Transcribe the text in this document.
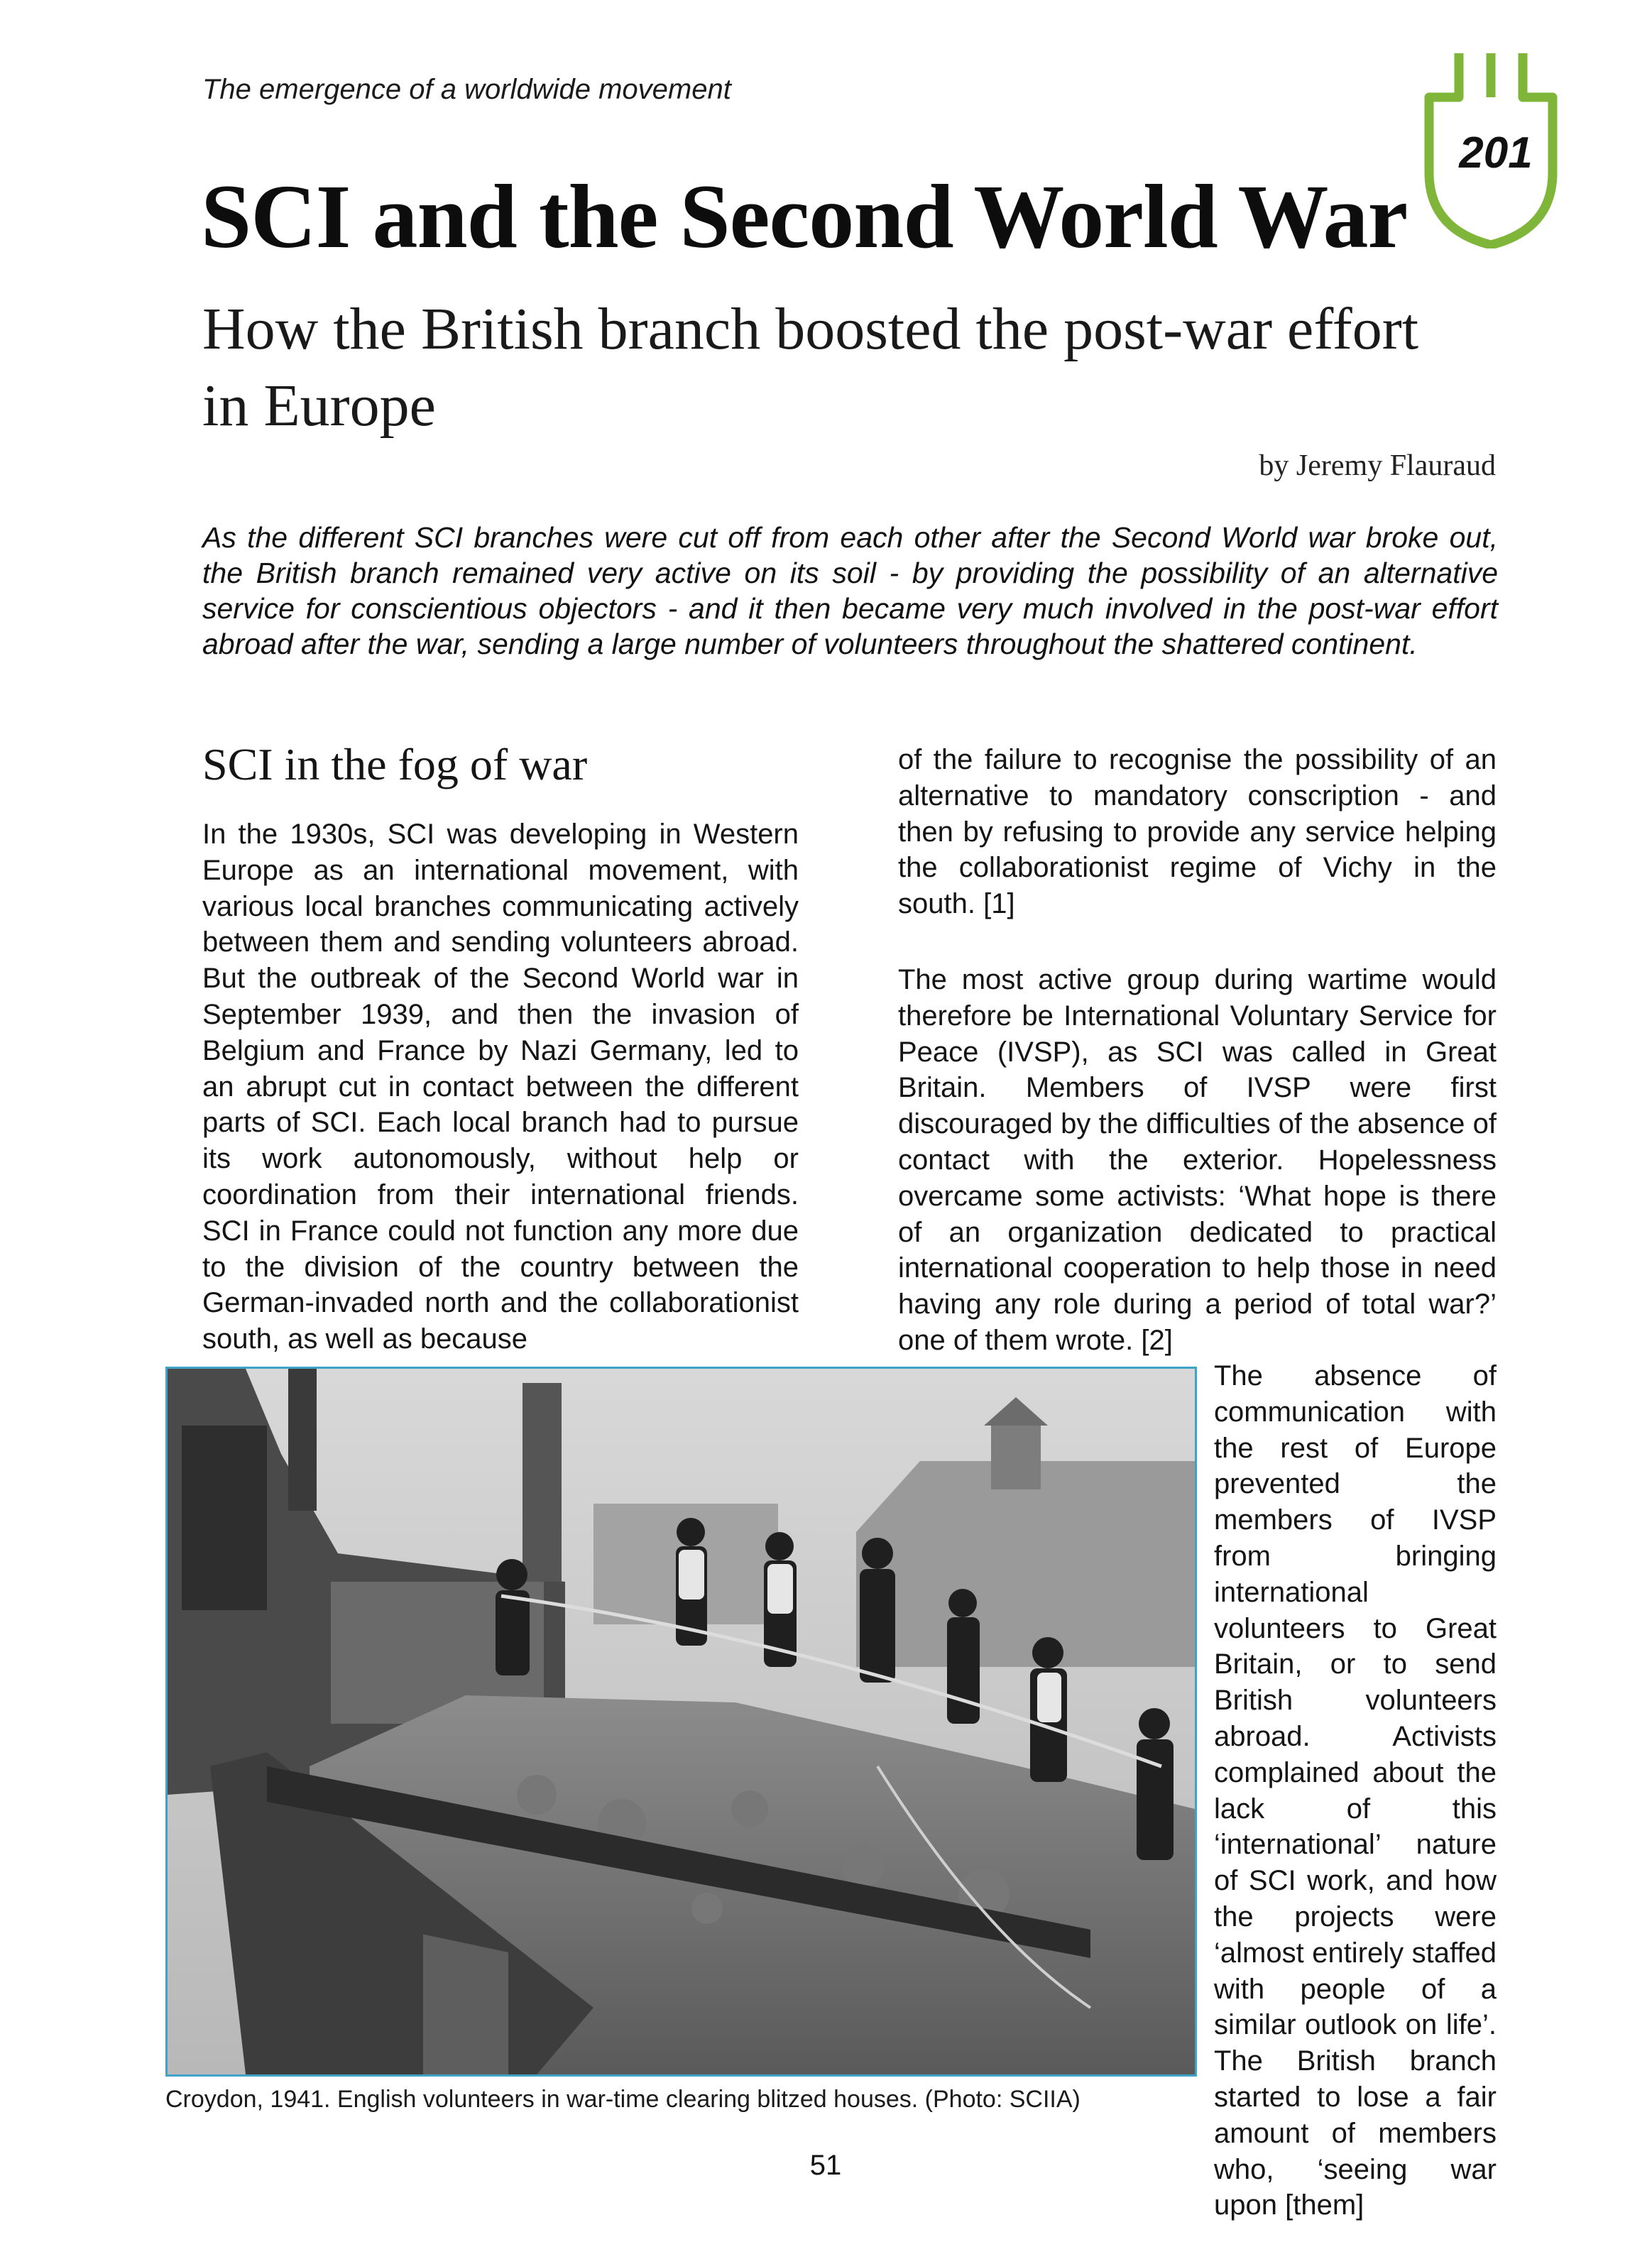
The emergence of a worldwide movement
201
SCI and the Second World War
How the British branch boosted the post-war effort in Europe
by Jeremy Flauraud
As the different SCI branches were cut off from each other after the Second World war broke out, the British branch remained very active on its soil - by providing the possibility of an alternative service for conscientious objectors - and it then became very much involved in the post-war effort abroad after the war, sending a large number of volunteers throughout the shattered continent.
SCI in the fog of war
In the 1930s, SCI was developing in Western Europe as an international movement, with various local branches communicating actively between them and sending volunteers abroad. But the outbreak of the Second World war in September 1939, and then the invasion of Belgium and France by Nazi Germany, led to an abrupt cut in contact between the different parts of SCI. Each local branch had to pursue its work autonomously, without help or coordination from their international friends. SCI in France could not function any more due to the division of the country between the German-invaded north and the collaborationist south, as well as because
of the failure to recognise the possibility of an alternative to mandatory conscription - and then by refusing to provide any service helping the collaborationist regime of Vichy in the south. [1]
The most active group during wartime would therefore be International Voluntary Service for Peace (IVSP), as SCI was called in Great Britain. Members of IVSP were first discouraged by the difficulties of the absence of contact with the exterior. Hopelessness overcame some activists: ‘What hope is there of an organization dedicated to practical international cooperation to help those in need having any role during a period of total war?’ one of them wrote. [2]
The absence of communication with the rest of Europe prevented the members of IVSP from bringing international volunteers to Great Britain, or to send British volunteers abroad. Activists complained about the lack of this ‘international’ nature of SCI work, and how the projects were ‘almost entirely staffed with people of a similar outlook on life’. The British branch started to lose a fair amount of members who, ‘seeing war upon [them]
Croydon, 1941. English volunteers in war-time clearing blitzed houses. (Photo: SCIIA)
51
